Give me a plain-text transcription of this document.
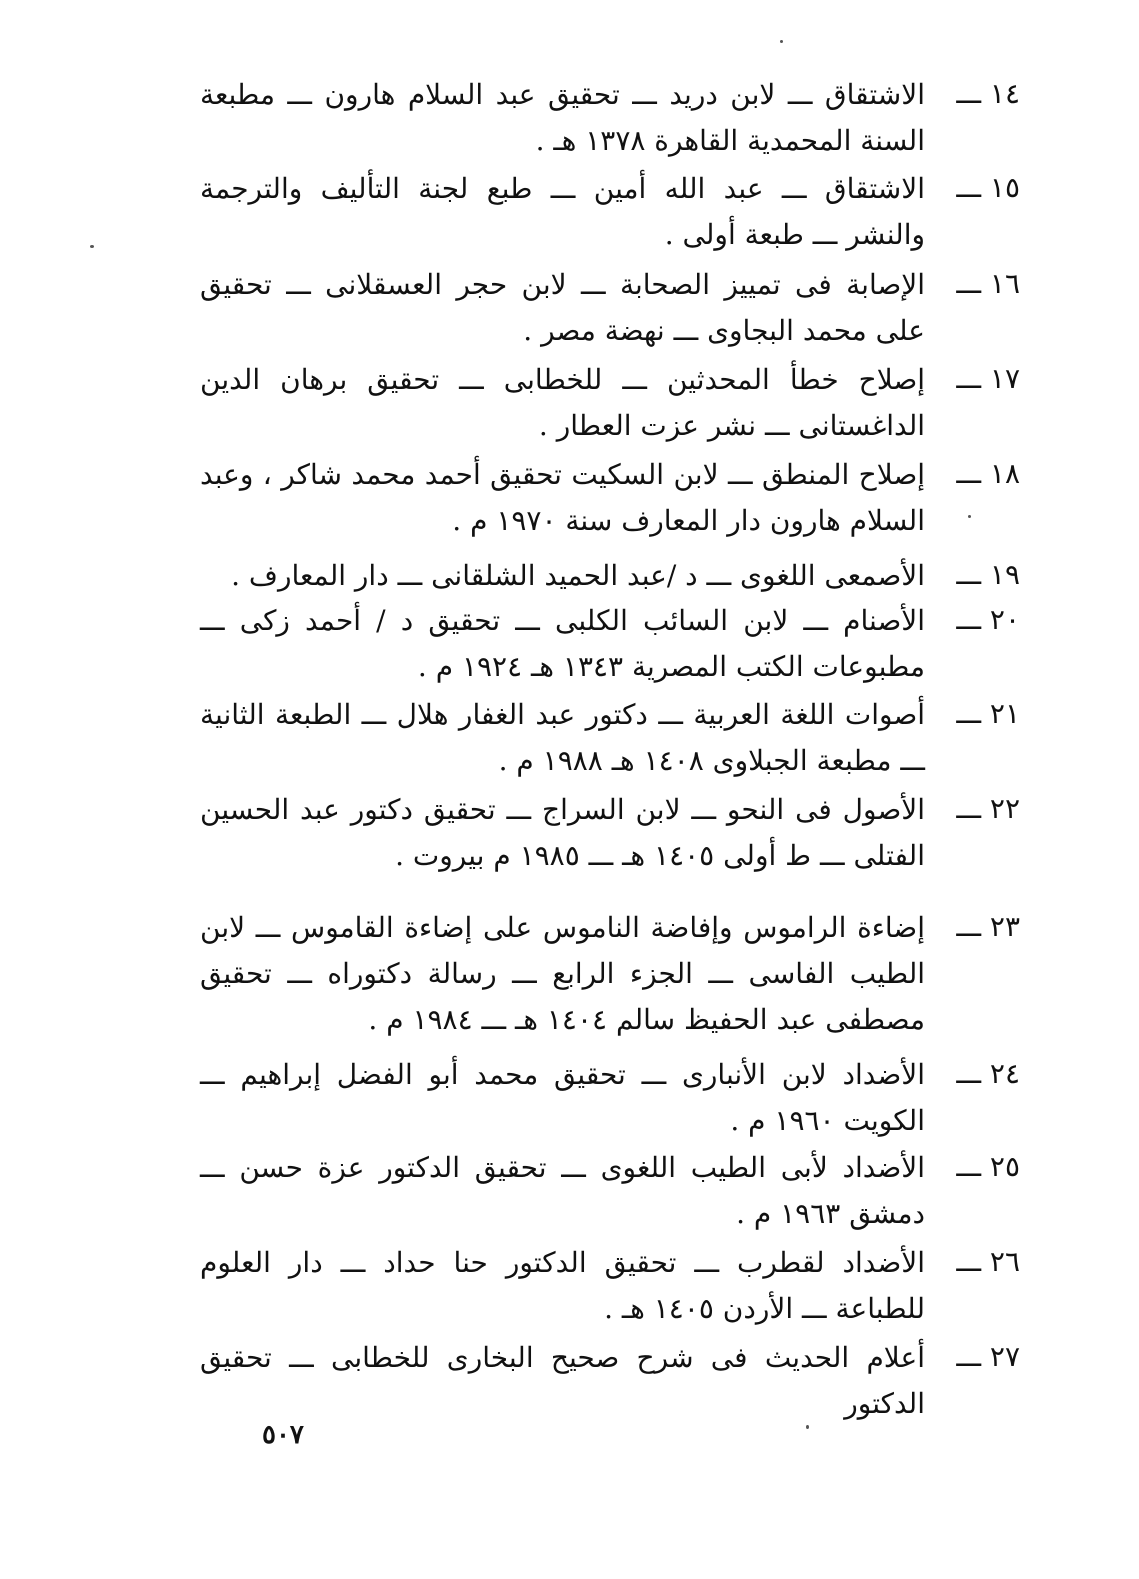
١٤ ـــ
الاشتقاق ـــ لابن دريد ـــ تحقيق عبد السلام هارون ـــ مطبعة السنة المحمدية القاهرة ١٣٧٨ هـ .
١٥ ـــ
الاشتقاق ـــ عبد الله أمين ـــ طبع لجنة التأليف والترجمة والنشر ـــ طبعة أولى .
١٦ ـــ
الإصابة فى تمييز الصحابة ـــ لابن حجر العسقلانى ـــ تحقيق على محمد البجاوى ـــ نهضة مصر .
١٧ ـــ
إصلاح خطأ المحدثين ـــ للخطابى ـــ تحقيق برهان الدين الداغستانى ـــ نشر عزت العطار .
١٨ ـــ
إصلاح المنطق ـــ لابن السكيت تحقيق أحمد محمد شاكر ، وعبد السلام هارون دار المعارف سنة ١٩٧٠ م .
١٩ ـــ
الأصمعى اللغوى ـــ د /عبد الحميد الشلقانى ـــ دار المعارف .
٢٠ ـــ
الأصنام ـــ لابن السائب الكلبى ـــ تحقيق د / أحمد زكى ـــ مطبوعات الكتب المصرية ١٣٤٣ هـ ١٩٢٤ م .
٢١ ـــ
أصوات اللغة العربية ـــ دكتور عبد الغفار هلال ـــ الطبعة الثانية ـــ مطبعة الجبلاوى ١٤٠٨ هـ ١٩٨٨ م .
٢٢ ـــ
الأصول فى النحو ـــ لابن السراج ـــ تحقيق دكتور عبد الحسين الفتلى ـــ ط أولى ١٤٠٥ هـ ـــ ١٩٨٥ م بيروت .
٢٣ ـــ
إضاءة الراموس وإفاضة الناموس على إضاءة القاموس ـــ لابن الطيب الفاسى ـــ الجزء الرابع ـــ رسالة دكتوراه ـــ تحقيق مصطفى عبد الحفيظ سالم ١٤٠٤ هـ ـــ ١٩٨٤ م .
٢٤ ـــ
الأضداد لابن الأنبارى ـــ تحقيق محمد أبو الفضل إبراهيم ـــ الكويت ١٩٦٠ م .
٢٥ ـــ
الأضداد لأبى الطيب اللغوى ـــ تحقيق الدكتور عزة حسن ـــ دمشق ١٩٦٣ م .
٢٦ ـــ
الأضداد لقطرب ـــ تحقيق الدكتور حنا حداد ـــ دار العلوم للطباعة ـــ الأردن ١٤٠٥ هـ .
٢٧ ـــ
أعلام الحديث فى شرح صحيح البخارى للخطابى ـــ تحقيق الدكتور
٥٠٧
